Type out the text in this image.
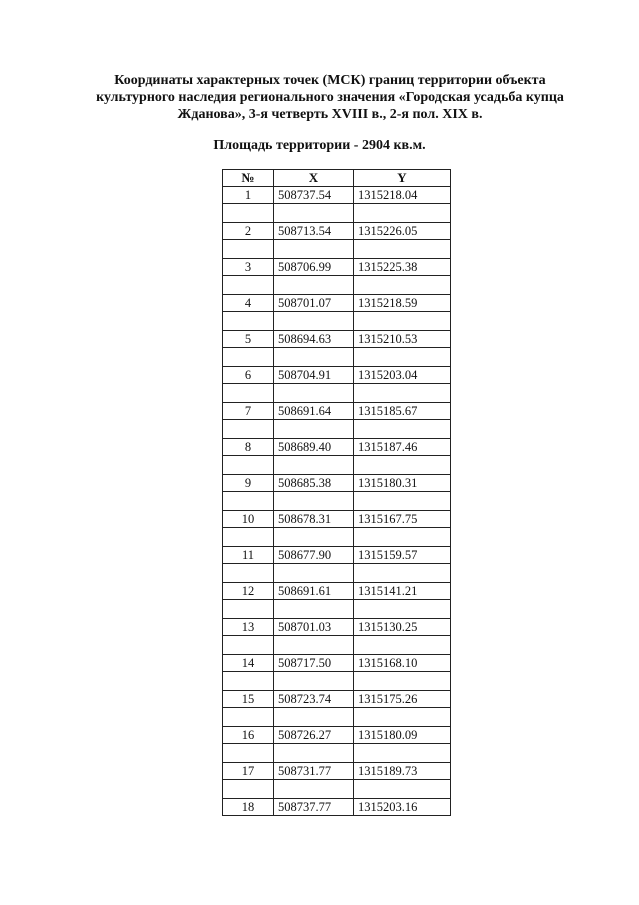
Координаты характерных точек (МСК) границ территории объекта
культурного наследия регионального значения «Городская усадьба купца
Жданова», 3-я четверть XVIII в., 2-я пол. XIX в.
Площадь территории - 2904 кв.м.
№	X	Y
1	508737.54	1315218.04

2	508713.54	1315226.05

3	508706.99	1315225.38

4	508701.07	1315218.59

5	508694.63	1315210.53

6	508704.91	1315203.04

7	508691.64	1315185.67

8	508689.40	1315187.46

9	508685.38	1315180.31

10	508678.31	1315167.75

11	508677.90	1315159.57

12	508691.61	1315141.21

13	508701.03	1315130.25

14	508717.50	1315168.10

15	508723.74	1315175.26

16	508726.27	1315180.09

17	508731.77	1315189.73

18	508737.77	1315203.16
